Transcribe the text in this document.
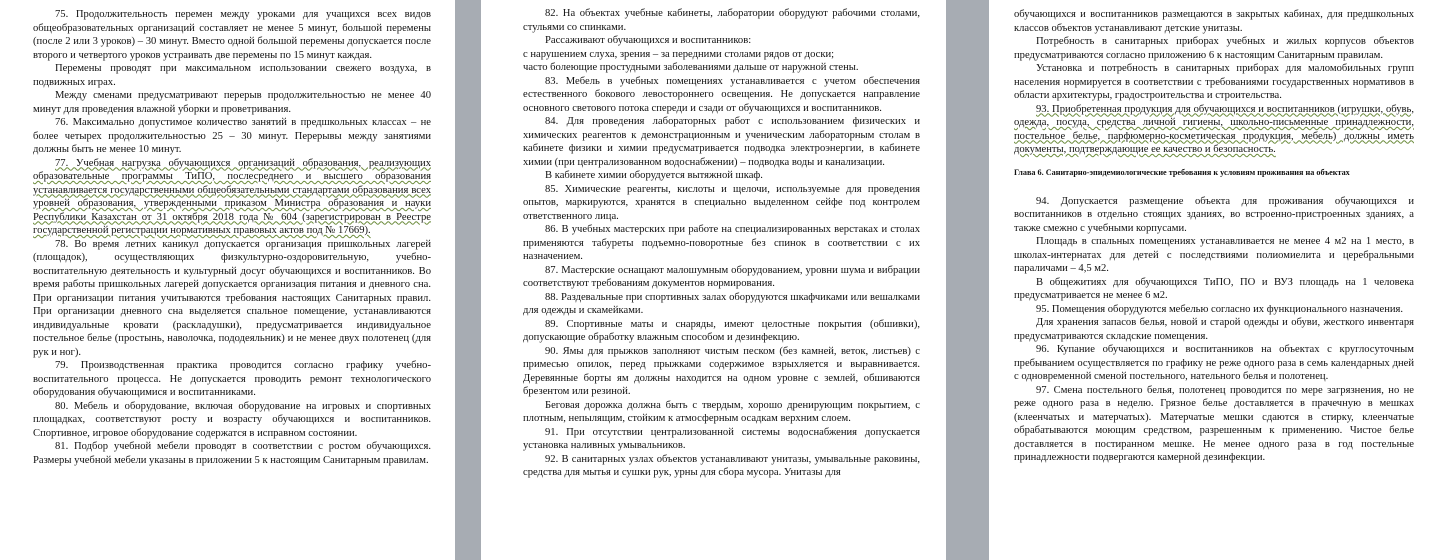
75. Продолжительность перемен между уроками для учащихся всех видов общеобразовательных организаций составляет не менее 5 минут, большой перемены (после 2 или 3 уроков) – 30 минут. Вместо одной большой перемены допускается после второго и четвертого уроков устраивать две перемены по 15 минут каждая.

Перемены проводят при максимальном использовании свежего воздуха, в подвижных играх.

Между сменами предусматривают перерыв продолжительностью не менее 40 минут для проведения влажной уборки и проветривания.

76. Максимально допустимое количество занятий в предшкольных классах – не более четырех продолжительностью 25 – 30 минут. Перерывы между занятиями должны быть не менее 10 минут.

77. Учебная нагрузка обучающихся организаций образования, реализующих образовательные программы ТиПО, послесреднего и высшего образования устанавливается государственными общеобязательными стандартами образования всех уровней образования, утвержденными приказом Министра образования и науки Республики Казахстан от 31 октября 2018 года № 604 (зарегистрирован в Реестре государственной регистрации нормативных правовых актов под № 17669).

78. Во время летних каникул допускается организация пришкольных лагерей (площадок), осуществляющих физкультурно-оздоровительную, учебно-воспитательную деятельность и культурный досуг обучающихся и воспитанников. Во время работы пришкольных лагерей допускается организация питания и дневного сна. При организации питания учитываются требования настоящих Санитарных правил. При организации дневного сна выделяется спальное помещение, устанавливаются индивидуальные кровати (раскладушки), предусматривается индивидуальное постельное белье (простынь, наволочка, пододеяльник) и не менее двух полотенец (для рук и ног).

79. Производственная практика проводится согласно графику учебно-воспитательного процесса. Не допускается проводить ремонт технологического оборудования обучающимися и воспитанниками.

80. Мебель и оборудование, включая оборудование на игровых и спортивных площадках, соответствуют росту и возрасту обучающихся и воспитанников. Спортивное, игровое оборудование содержатся в исправном состоянии.

81. Подбор учебной мебели проводят в соответствии с ростом обучающихся. Размеры учебной мебели указаны в приложении 5 к настоящим Санитарным правилам.

82. На объектах учебные кабинеты, лаборатории оборудуют рабочими столами, стульями со спинками.

Рассаживают обучающихся и воспитанников:

с нарушением слуха, зрения – за передними столами рядов от доски;

часто болеющие простудными заболеваниями дальше от наружной стены.

83. Мебель в учебных помещениях устанавливается с учетом обеспечения естественного бокового левостороннего освещения. Не допускается направление основного светового потока спереди и сзади от обучающихся и воспитанников.

84. Для проведения лабораторных работ с использованием физических и химических реагентов к демонстрационным и ученическим лабораторным столам в кабинете физики и химии предусматривается подводка электроэнергии, в кабинете химии (при централизованном водоснабжении) – подводка воды и канализации.

В кабинете химии оборудуется вытяжной шкаф.

85. Химические реагенты, кислоты и щелочи, используемые для проведения опытов, маркируются, хранятся в специально выделенном сейфе под контролем ответственного лица.

86. В учебных мастерских при работе на специализированных верстаках и столах применяются табуреты подъемно-поворотные без спинок в соответствии с их назначением.

87. Мастерские оснащают малошумным оборудованием, уровни шума и вибрации соответствуют требованиям документов нормирования.

88. Раздевальные при спортивных залах оборудуются шкафчиками или вешалками для одежды и скамейками.

89. Спортивные маты и снаряды, имеют целостные покрытия (обшивки), допускающие обработку влажным способом и дезинфекцию.

90. Ямы для прыжков заполняют чистым песком (без камней, веток, листьев) с примесью опилок, перед прыжками содержимое взрыхляется и выравнивается. Деревянные борты ям должны находится на одном уровне с землей, обшиваются брезентом или резиной.

Беговая дорожка должна быть с твердым, хорошо дренирующим покрытием, с плотным, непылящим, стойким к атмосферным осадкам верхним слоем.

91. При отсутствии централизованной системы водоснабжения допускается установка наливных умывальников.

92. В санитарных узлах объектов устанавливают унитазы, умывальные раковины, средства для мытья и сушки рук, урны для сбора мусора. Унитазы для

обучающихся и воспитанников размещаются в закрытых кабинах, для предшкольных классов объектов устанавливают детские унитазы.

Потребность в санитарных приборах учебных и жилых корпусов объектов предусматриваются согласно приложению 6 к настоящим Санитарным правилам.

Установка и потребность в санитарных приборах для маломобильных групп населения нормируется в соответствии с требованиями государственных нормативов в области архитектуры, градостроительства и строительства.

93. Приобретенная продукция для обучающихся и воспитанников (игрушки, обувь, одежда, посуда, средства личной гигиены, школьно-письменные принадлежности, постельное белье, парфюмерно-косметическая продукция, мебель) должны иметь документы, подтверждающие ее качество и безопасность.

Глава 6. Санитарно-эпидемиологические требования к условиям проживания на объектах

94. Допускается размещение объекта для проживания обучающихся и воспитанников в отдельно стоящих зданиях, во встроенно-пристроенных зданиях, а также смежно с учебными корпусами.

Площадь в спальных помещениях устанавливается не менее 4 м2 на 1 место, в школах-интернатах для детей с последствиями полиомиелита и церебральными параличами – 4,5 м2.

В общежитиях для обучающихся ТиПО, ПО и ВУЗ площадь на 1 человека предусматривается не менее 6 м2.

95. Помещения оборудуются мебелью согласно их функционального назначения.

Для хранения запасов белья, новой и старой одежды и обуви, жесткого инвентаря предусматриваются складские помещения.

96. Купание обучающихся и воспитанников на объектах с круглосуточным пребыванием осуществляется по графику не реже одного раза в семь календарных дней с одновременной сменой постельного, нательного белья и полотенец.

97. Смена постельного белья, полотенец проводится по мере загрязнения, но не реже одного раза в неделю. Грязное белье доставляется в прачечную в мешках (клеенчатых и матерчатых). Матерчатые мешки сдаются в стирку, клеенчатые обрабатываются моющим средством, разрешенным к применению. Чистое белье доставляется в постиранном мешке. Не менее одного раза в год постельные принадлежности подвергаются камерной дезинфекции.
